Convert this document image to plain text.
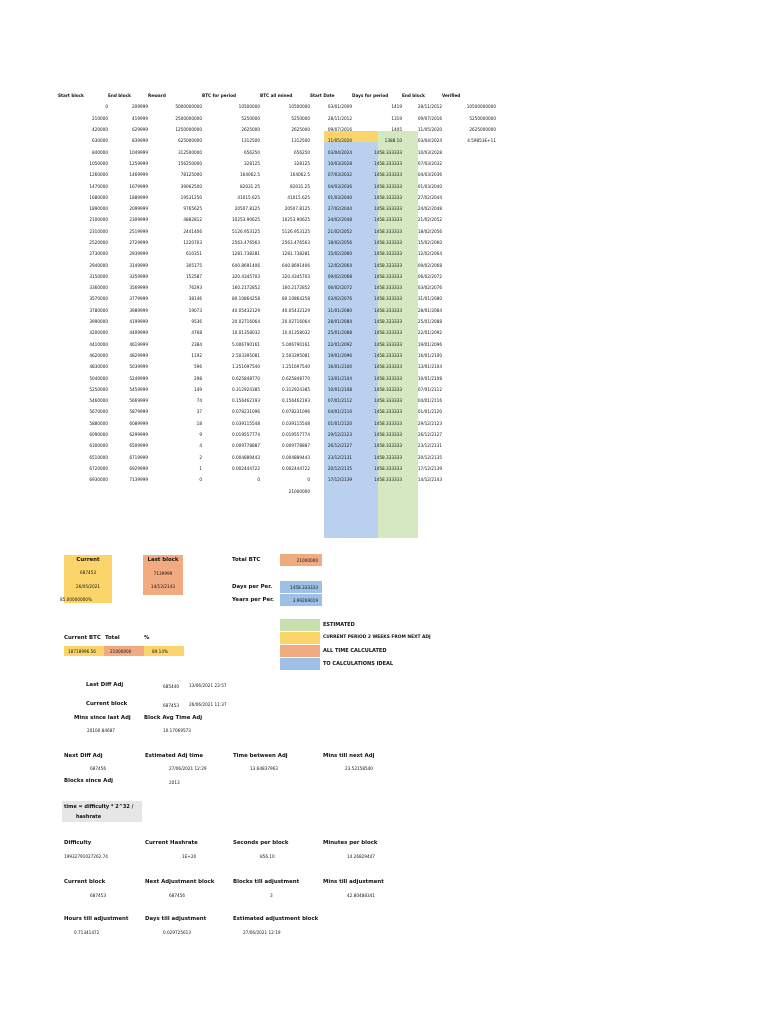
Start block	End block	Reward	BTC for period	BTC all mined	Start Date	Days for period	End block	Verified
0	209999	5000000000	10500000	10500000	03/01/2009	1419	28/11/2012	10500000000
210000	419999	2500000000	5250000	5250000	28/11/2012	1319	09/07/2016	5250000000
420000	629999	1250000000	2625000	2625000	09/07/2016	1405	11/05/2020	2625000000
630000	839999	625000000	1312500	1312500	11/05/2020	1388.10	03/04/2024	4.59853E+11
840000	1049999	312500000	656250	656250	03/04/2024	1458.333333	10/03/2028	
1050000	1259999	156250000	328125	328125	10/03/2028	1458.333333	07/03/2032	
1260000	1469999	78125000	164062.5	164062.5	07/03/2032	1458.333333	04/03/2036	
1470000	1679999	39062500	82031.25	82031.25	04/03/2036	1458.333333	01/03/2040	
1680000	1889999	19531250	41015.625	41015.625	01/03/2040	1458.333333	27/02/2044	
1890000	2099999	9765625	20507.8125	20507.8125	27/02/2044	1458.333333	24/02/2048	
2100000	2309999	4882812	10253.90625	10253.90625	24/02/2048	1458.333333	21/02/2052	
2310000	2519999	2441406	5126.953125	5126.953125	21/02/2052	1458.333333	18/02/2056	
2520000	2729999	1220703	2563.476563	2563.476563	18/02/2056	1458.333333	15/02/2060	
2730000	2939999	610351	1281.738281	1281.738281	15/02/2060	1458.333333	12/02/2064	
2940000	3149999	305175	640.8691406	640.8691406	12/02/2064	1458.333333	09/02/2068	
3150000	3359999	152587	320.4345703	320.4345703	09/02/2068	1458.333333	06/02/2072	
3360000	3569999	76293	160.2172852	160.2172852	06/02/2072	1458.333333	03/02/2076	
3570000	3779999	38146	80.10864258	80.10864258	03/02/2076	1458.333333	31/01/2080	
3780000	3989999	19073	40.05432129	40.05432129	31/01/2080	1458.333333	28/01/2084	
3990000	4199999	9536	20.02716064	20.02716064	28/01/2084	1458.333333	25/01/2088	
4200000	4409999	4768	10.01358032	10.01358032	25/01/2088	1458.333333	22/01/2092	
4410000	4619999	2384	5.006790161	5.006790161	22/01/2092	1458.333333	19/01/2096	
4620000	4829999	1192	2.503395081	2.503395081	19/01/2096	1458.333333	16/01/2100	
4830000	5039999	596	1.251697540	1.251697540	16/01/2100	1458.333333	13/01/2104	
5040000	5249999	298	0.625848770	0.625848770	13/01/2104	1458.333333	10/01/2108	
5250000	5459999	149	0.312924385	0.312924385	10/01/2108	1458.333333	07/01/2112	
5460000	5669999	74	0.156462193	0.156462193	07/01/2112	1458.333333	04/01/2116	
5670000	5879999	37	0.078231096	0.078231096	04/01/2116	1458.333333	01/01/2120	
5880000	6089999	18	0.039115548	0.039115548	01/01/2120	1458.333333	29/12/2123	
6090000	6299999	9	0.019557774	0.019557774	29/12/2123	1458.333333	26/12/2127	
6300000	6509999	4	0.009778887	0.009778887	26/12/2127	1458.333333	23/12/2131	
6510000	6719999	2	0.004889443	0.004889443	23/12/2131	1458.333333	20/12/2135	
6720000	6929999	1	0.002444722	0.002444722	20/12/2135	1458.333333	17/12/2139	
6930000	7139999	0	0	0	17/12/2139	1458.333333	14/12/2143	
				21000000				
Current
687453
26/05/2021
85.00000000%
Last block
7139999
14/12/2143
Total BTC	21000000
Days per Per.	1458.333333
Years per Per.	3.99269019
Current BTC Total	%
18718996.56	21000000	89.14%
ESTIMATED
CURRENT PERIOD 2 WEEKS FROM NEXT ADJ
ALL TIME CALCULATED
TO CALCULATIONS IDEAL
Last Diff Adj	685440 13/06/2021 23:57
Current block	687453 26/06/2021 11:37
Mins since last Adj
20100.84687
Block Avg Time Adj
10.17069573
Next Diff Adj
687456
Estimated Adj time
27/06/2021 12:29
Time between Adj
13.64837963
Mins till next Adj
23.52158540
Blocks since Adj	2013
time = difficulty * 2^32 /
hashrate
Difficulty
19932791027262.74
Current Hashrate
1E+20
Seconds per block
856.10
Minutes per block
14.26829447
Current block
687453
Next Adjustment block
687456
Blocks till adjustment
3
Mins till adjustment
42.80488341
Hours till adjustment
0.71341472
Days till adjustment
0.029725613
Estimated adjustment block
27/06/2021 12:19
